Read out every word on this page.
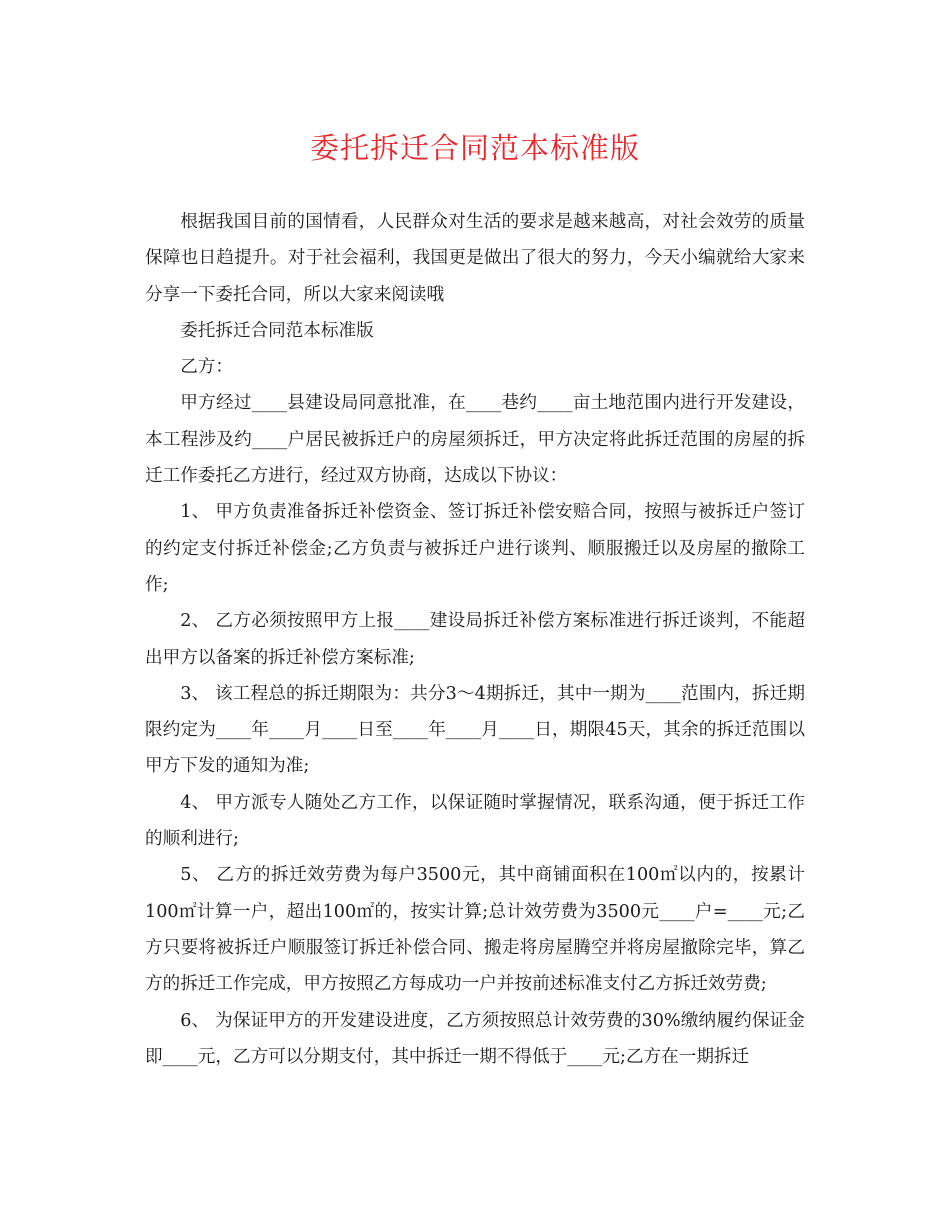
委托拆迁合同范本标准版

根据我国目前的国情看，人民群众对生活的要求是越来越高，对社会效劳的质量保障也日趋提升。对于社会福利，我国更是做出了很大的努力，今天小编就给大家来分享一下委托合同，所以大家来阅读哦

委托拆迁合同范本标准版

乙方：

甲方经过____县建设局同意批准，在____巷约____亩土地范围内进行开发建设，本工程涉及约____户居民被拆迁户的房屋须拆迁，甲方决定将此拆迁范围的房屋的拆迁工作委托乙方进行，经过双方协商，达成以下协议：

1、 甲方负责准备拆迁补偿资金、签订拆迁补偿安赔合同，按照与被拆迁户签订的约定支付拆迁补偿金;乙方负责与被拆迁户进行谈判、顺服搬迁以及房屋的撤除工作;

2、 乙方必须按照甲方上报____建设局拆迁补偿方案标准进行拆迁谈判，不能超出甲方以备案的拆迁补偿方案标准;

3、 该工程总的拆迁期限为：共分3～4期拆迁，其中一期为____范围内，拆迁期限约定为____年____月____日至____年____月____日，期限45天，其余的拆迁范围以甲方下发的通知为准;

4、 甲方派专人随处乙方工作，以保证随时掌握情况，联系沟通，便于拆迁工作的顺利进行;

5、 乙方的拆迁效劳费为每户3500元，其中商铺面积在100㎡以内的，按累计100㎡计算一户，超出100㎡的，按实计算;总计效劳费为3500元____户=____元;乙方只要将被拆迁户顺服签订拆迁补偿合同、搬走将房屋腾空并将房屋撤除完毕，算乙方的拆迁工作完成，甲方按照乙方每成功一户并按前述标准支付乙方拆迁效劳费;

6、 为保证甲方的开发建设进度，乙方须按照总计效劳费的30%缴纳履约保证金即____元，乙方可以分期支付，其中拆迁一期不得低于____元;乙方在一期拆迁
